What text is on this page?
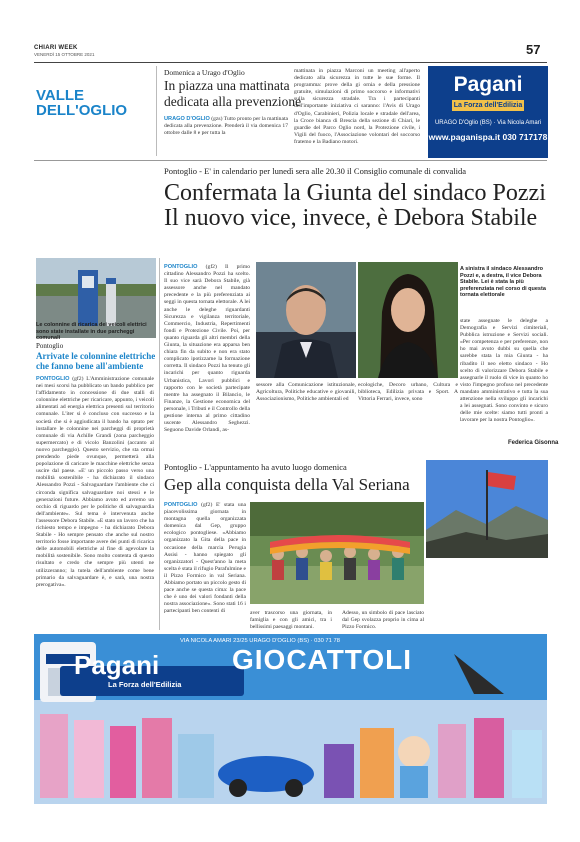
CHIARI WEEK
VENERDÌ 15 OTTOBRE 2021	57
VALLE DELL'OGLIO
Domenica a Urago d'Oglio
In piazza una mattinata
dedicata alla prevenzione
URAGO D'OGLIO (gzs) Tutto pronto per la mattinata dedicata alla prevenzione. Prenderà il via domenica 17 ottobre dalle 8 e per tutta la
mattinata in piazza Marconi un meeting all'aperto dedicato alla sicurezza in tutte le sue forme. Il programma: prove della gi ornia e della pressione gratuite, simulazioni di primo soccorso e informativi sulla sicurezza stradale. Tra i partecipanti dell'importante iniziativa ci saranno: l'Avis di Urago d'Oglio, Carabinieri, Polizia locale e stradale dell'area, la Croce bianca di Brescia della sezione di Chiari, le guardie del Parco Oglio nord, la Protezione civile, i Vigili del fuoco, l'Associazione volontari del soccorso fratemo e la Badiano motori.
Pagani
La Forza dell'Edilizia
URAGO D'Oglio (BS) · Via Nicola Amari
www.paganispa.it 030 717178
Pontoglio - E' in calendario per lunedì sera alle 20.30 il Consiglio comunale di convalida
Confermata la Giunta del sindaco Pozzi
Il nuovo vice, invece, è Debora Stabile
Le colonnine di ricarica dei veicoli elettrici sono state installate in due parcheggi comunali
Pontoglio
Arrivate le colonnine elettriche che fanno bene all'ambiente
PONTOGLIO (gf2) L'Amministrazione comunale nei mesi scorsi ha pubblicato un bando pubblico per l'affidamento in concessione di due stalli di colonnine elettriche per ricaricare, appunto, i veicoli alimentati ad energia elettrica presenti sul territorio comunale. L'iter si è concluso con successo e la società che si è aggiudicata il bando ha optato per installare le colonnine nei parcheggi di proprietà comunale di via Achille Grandi (zona parcheggio supermercato) e di vicolo Banzolini (accanto al nuovo parcheggio). Questo servizio, che sta ormai prendendo piede ovunque, permetterà alla popolazione di caricare le macchine elettriche senza uscire dal paese. «E' un piccolo passo verso una mobilità sostenibile - ha dichiarato il sindaco Alessandro Pozzi - Salvaguardare l'ambiente che ci circonda significa salvaguardare noi stessi e le generazioni future. Abbiamo avuto ed avremo un occhio di riguardo per le politiche di salvaguardia dell'ambiente». Sul tema è intervenuta anche l'assessore Debora Stabile. «E stato un lavoro che ha richiesto tempo e impegno - ha dichiarato Debora Stabile - Ho sempre pensato che anche sul nostro territorio fosse importante avere dei punti di ricarica delle automobili elettriche al fine di agevolare la mobilità sostenibile. Sono molto contenta di questo risultato e credo che sempre più utenti ne utilizzeranno; la tutela dell'ambiente come bene primario da salvaguardare è, e sarà, una nostra prerogativa».
PONTOGLIO (gf2) Il primo cittadino Alessandro Pozzi ha scelto. Il suo vice sarà Debora Stabile, già assessore anche nel mandato precedente e la più preferenziata ai seggi in questa tornata elettorale. A lei anche le deleghe riguardanti Sicurezza e vigilanza territoriale, Commercio, Industria, Repertimenti fondi e Protezione Civile. Poi, per quanto riguarda gli altri membri della Giunta, la situazione era apparsa ben chiara fin da subito e non era stato complicato ipotizzarne la formazione corretta. Il sindaco Pozzi ha tenuto gli incarichi per quanto riguarda Urbanistica, Lavori pubblici e rapporto con le società partecipate mentre ha assegnato il Bilancio, le Finanze, la Gestione economica del personale, i Tributi e il Controllo della gestione interna al primo cittadino uscente Alessandro Seghezzi. Seguono Davide Orlandi, as-
A sinistra il sindaco Alessandro Pozzi e, a destra, il vice Debora Stabile. Lei è stata la più preferenziata nel corso di questa tornata elettorale
sessore alla Comunicazione istituzionale, Agricoltura, Politiche educative e giovanili, Associazionismo, Politiche ambientali ed
ecologiche, Decoro urbano, Cultura e biblioteca, Edilizia privata e Sport. A Vittoria Ferrari, invece, sono
state assegnate le deleghe a Demografia e Servizi cimiteriali, Pubblica istruzione e Servizi sociali. «Per competenza e per preferenze, non ho mai avuto dubbi su quella che sarebbe stata la mia Giunta - ha ribadito il neo eletto sindaco - Ho scelto di valorizzare Debora Stabile e assegnarle il ruolo di vice in quanto ho visto l'impegno profuso nel precedente mandato amministrativo e tutta la sua attenzione nella sviluppo gli incarichi a lei assegnati. Sono convinto e sicuro delle mie scelte: siamo tutti pronti a lavorare per la nostra Pontoglio».
Federica Gisonna
Pontoglio - L'appuntamento ha avuto luogo domenica
Gep alla conquista della Val Seriana
PONTOGLIO (gf2) E' stata una piacevolissima giornata in montagna quella organizzata domenica dal Gep, gruppo ecologico pontogliese. «Abbiamo organizzato la Gita della pace in occasione della marcia Perugia Assisi - hanno spiegato gli organizzatori - Quest'anno la meta scelta è stata il rifugio Parafulmine e il Pizzo Formico in val Seriana. Abbiamo portato un piccolo gesto di pace anche se questa cima: la pace che è uno dei valori fondanti della nostra associazione». Sono stati 16 i partecipanti ben contenti di	aver trascorso una giornata, in famiglia e con gli amici, tra i bellissimi paesaggi montani.
Adesso, un simbolo di pace lasciato dal Gep svolazza proprio in cima al Pizzo Formico.
VIA NICOLA AMARI 23/25 URAGO D'OGLIO (BS) · 030 71 78
GIOCATTOLI
Pagani
La Forza dell'Edilizia
